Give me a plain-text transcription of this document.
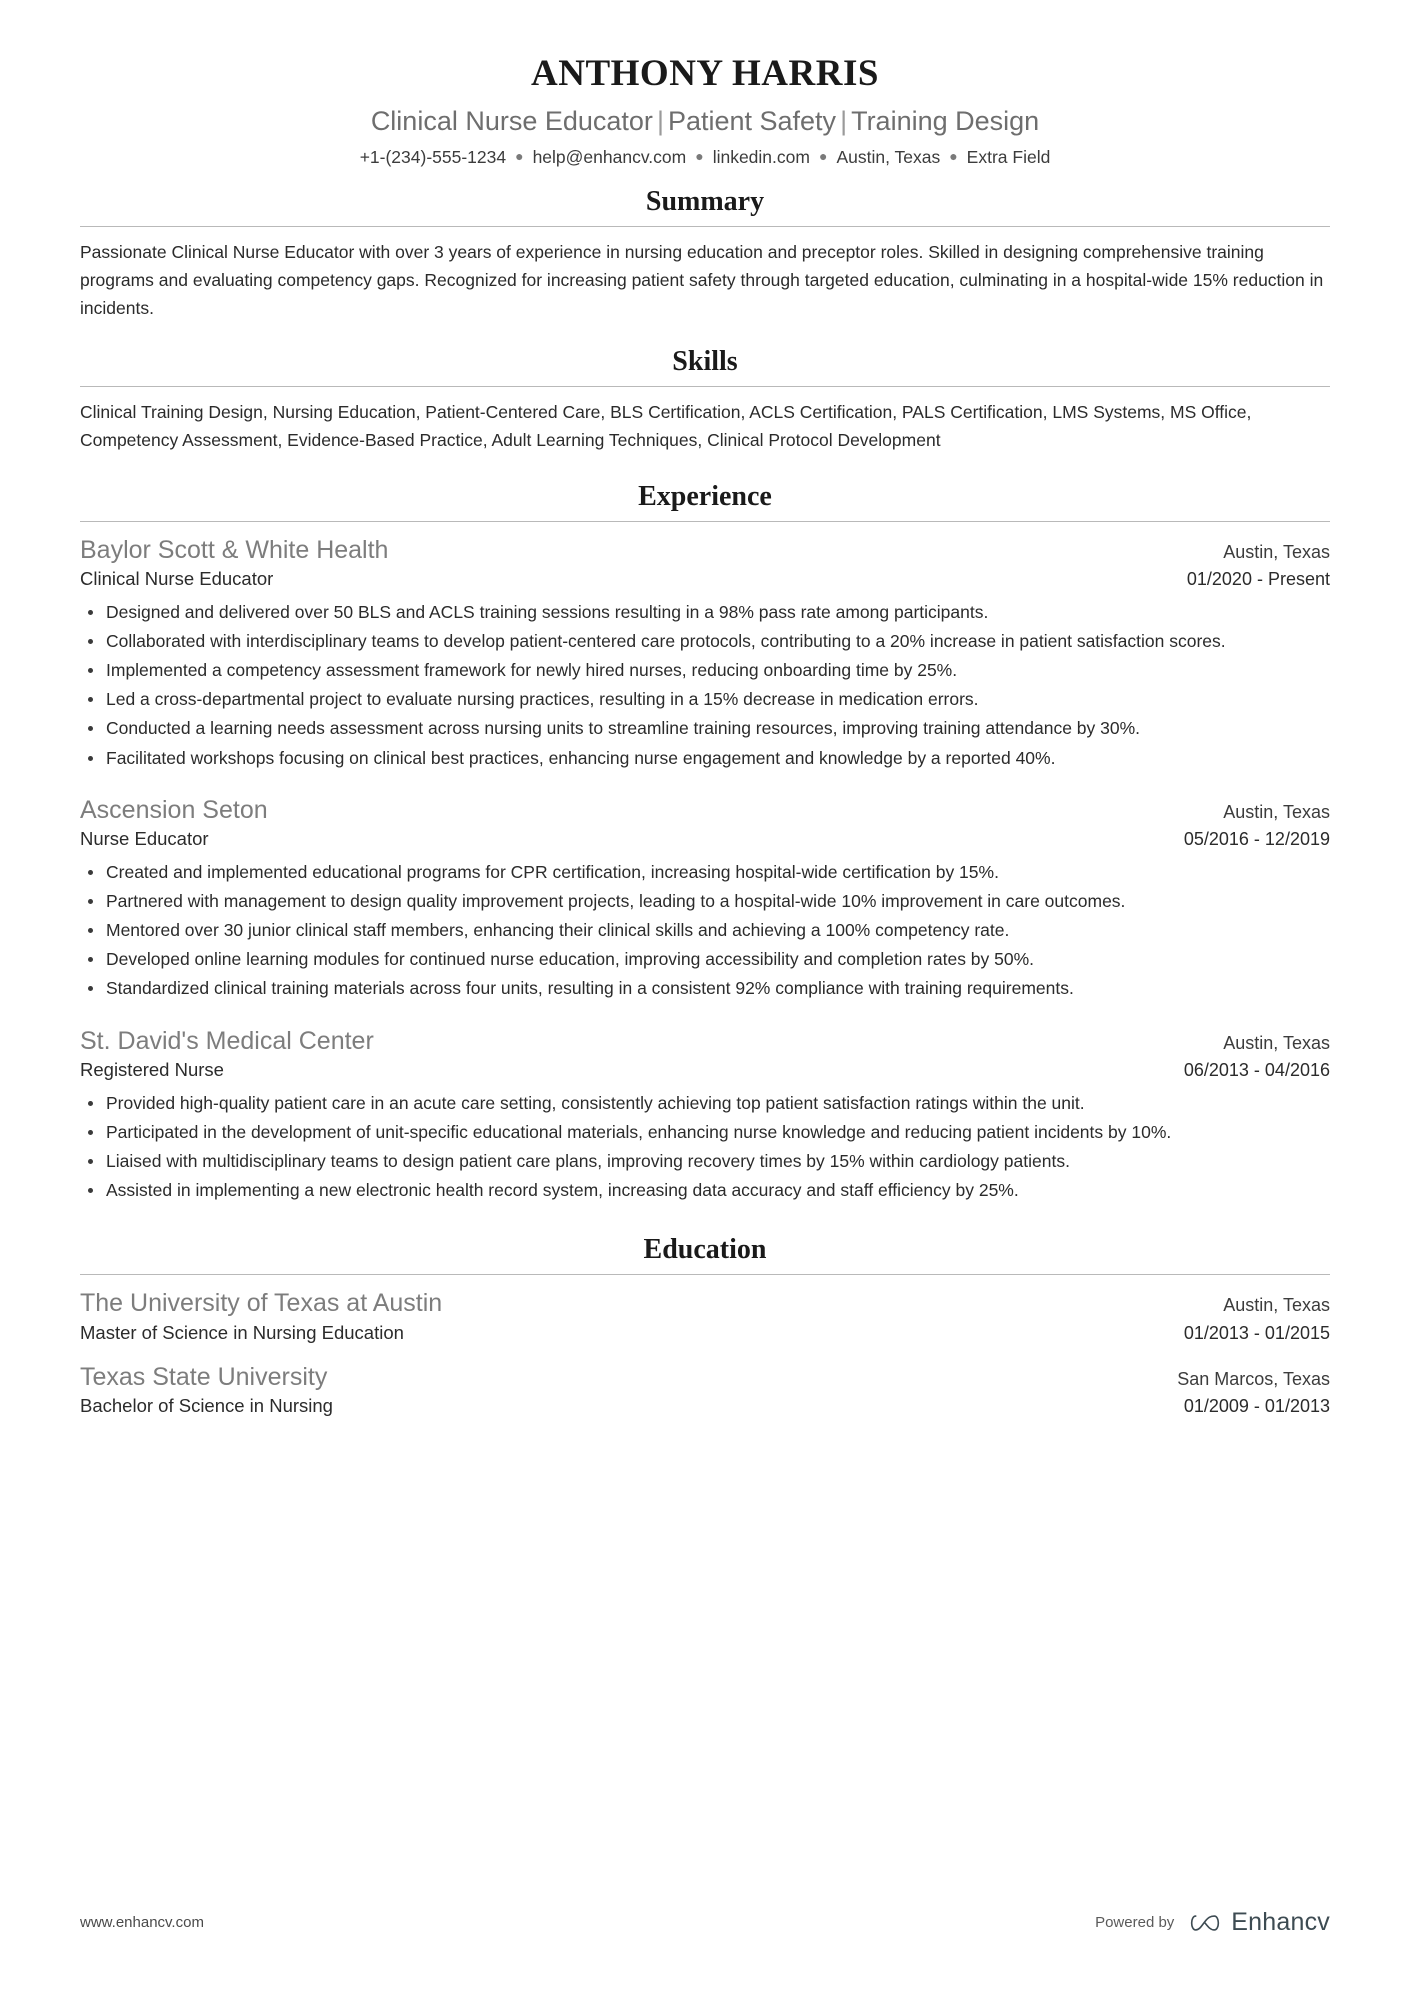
ANTHONY HARRIS
Clinical Nurse Educator | Patient Safety | Training Design
+1-(234)-555-1234 ● help@enhancv.com ● linkedin.com ● Austin, Texas ● Extra Field
Summary

Passionate Clinical Nurse Educator with over 3 years of experience in nursing education and preceptor roles. Skilled in designing comprehensive training programs and evaluating competency gaps. Recognized for increasing patient safety through targeted education, culminating in a hospital-wide 15% reduction in incidents.

Skills

Clinical Training Design, Nursing Education, Patient-Centered Care, BLS Certification, ACLS Certification, PALS Certification, LMS Systems, MS Office, Competency Assessment, Evidence-Based Practice, Adult Learning Techniques, Clinical Protocol Development

Experience
Baylor Scott & White Health	Austin, Texas
Clinical Nurse Educator	01/2020 - Present
Designed and delivered over 50 BLS and ACLS training sessions resulting in a 98% pass rate among participants.
Collaborated with interdisciplinary teams to develop patient-centered care protocols, contributing to a 20% increase in patient satisfaction scores.
Implemented a competency assessment framework for newly hired nurses, reducing onboarding time by 25%.
Led a cross-departmental project to evaluate nursing practices, resulting in a 15% decrease in medication errors.
Conducted a learning needs assessment across nursing units to streamline training resources, improving training attendance by 30%.
Facilitated workshops focusing on clinical best practices, enhancing nurse engagement and knowledge by a reported 40%.
Ascension Seton	Austin, Texas
Nurse Educator	05/2016 - 12/2019
Created and implemented educational programs for CPR certification, increasing hospital-wide certification by 15%.
Partnered with management to design quality improvement projects, leading to a hospital-wide 10% improvement in care outcomes.
Mentored over 30 junior clinical staff members, enhancing their clinical skills and achieving a 100% competency rate.
Developed online learning modules for continued nurse education, improving accessibility and completion rates by 50%.
Standardized clinical training materials across four units, resulting in a consistent 92% compliance with training requirements.
St. David's Medical Center	Austin, Texas
Registered Nurse	06/2013 - 04/2016
Provided high-quality patient care in an acute care setting, consistently achieving top patient satisfaction ratings within the unit.
Participated in the development of unit-specific educational materials, enhancing nurse knowledge and reducing patient incidents by 10%.
Liaised with multidisciplinary teams to design patient care plans, improving recovery times by 15% within cardiology patients.
Assisted in implementing a new electronic health record system, increasing data accuracy and staff efficiency by 25%.
Education
The University of Texas at Austin	Austin, Texas
Master of Science in Nursing Education	01/2013 - 01/2015
Texas State University	San Marcos, Texas
Bachelor of Science in Nursing	01/2009 - 01/2013
www.enhancv.com	Powered by Enhancv
